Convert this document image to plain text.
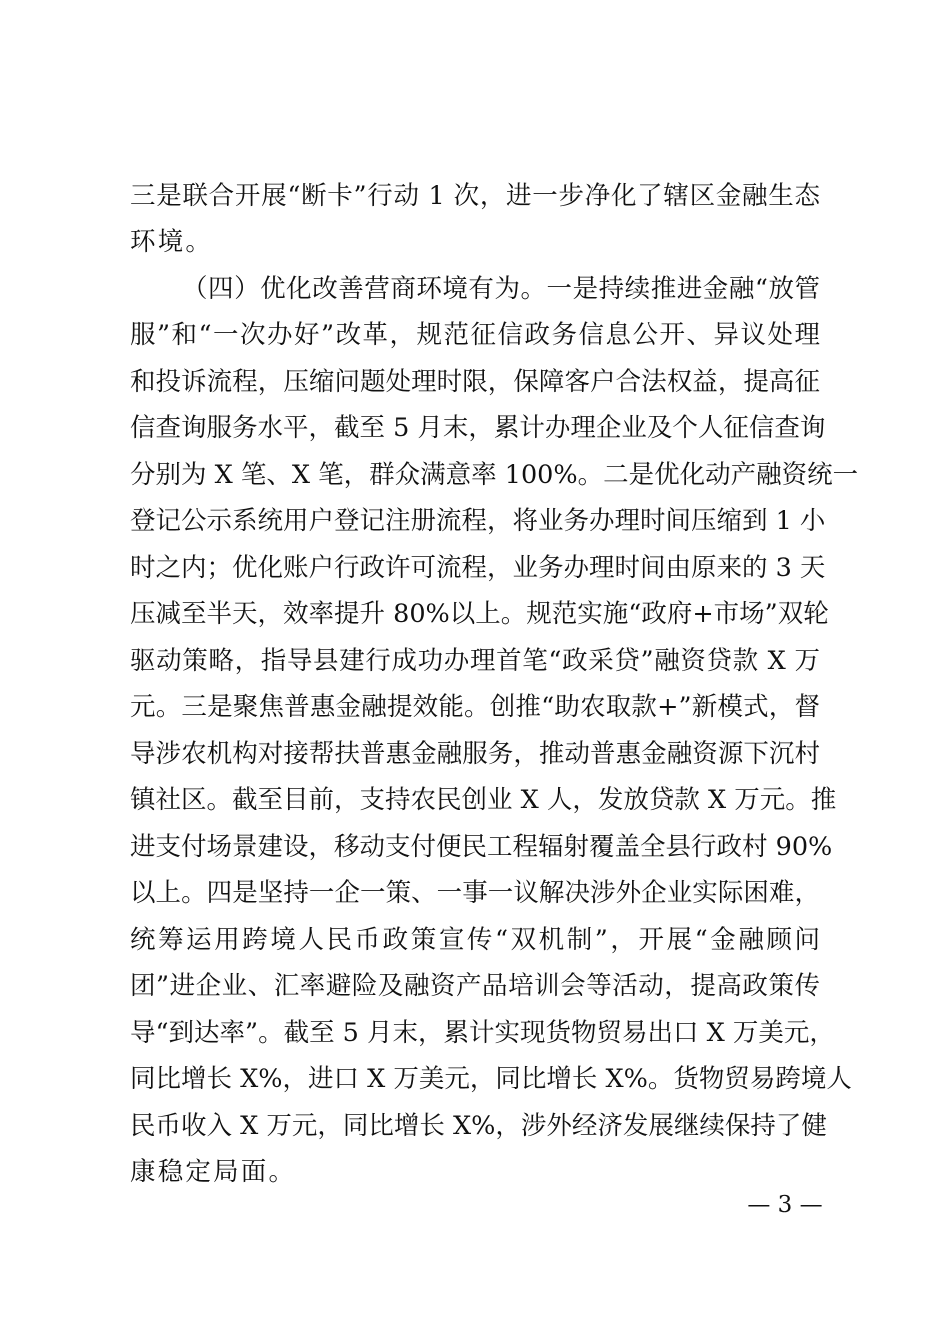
三是联合开展“断卡”行动 1 次，进一步净化了辖区金融生态
环境。
（四）优化改善营商环境有为。一是持续推进金融“放管
服”和“一次办好”改革，规范征信政务信息公开、异议处理
和投诉流程，压缩问题处理时限，保障客户合法权益，提高征
信查询服务水平，截至 5 月末，累计办理企业及个人征信查询
分别为 X 笔、X 笔，群众满意率 100%。二是优化动产融资统一
登记公示系统用户登记注册流程，将业务办理时间压缩到 1 小
时之内；优化账户行政许可流程，业务办理时间由原来的 3 天
压减至半天，效率提升 80%以上。规范实施“政府+市场”双轮
驱动策略，指导县建行成功办理首笔“政采贷”融资贷款 X 万
元。三是聚焦普惠金融提效能。创推“助农取款+”新模式，督
导涉农机构对接帮扶普惠金融服务，推动普惠金融资源下沉村
镇社区。截至目前，支持农民创业 X 人，发放贷款 X 万元。推
进支付场景建设，移动支付便民工程辐射覆盖全县行政村 90%
以上。四是坚持一企一策、一事一议解决涉外企业实际困难，
统筹运用跨境人民币政策宣传“双机制”，开展“金融顾问
团”进企业、汇率避险及融资产品培训会等活动，提高政策传
导“到达率”。截至 5 月末，累计实现货物贸易出口 X 万美元，
同比增长 X%，进口 X 万美元，同比增长 X%。货物贸易跨境人
民币收入 X 万元，同比增长 X%，涉外经济发展继续保持了健
康稳定局面。
— 3 —
